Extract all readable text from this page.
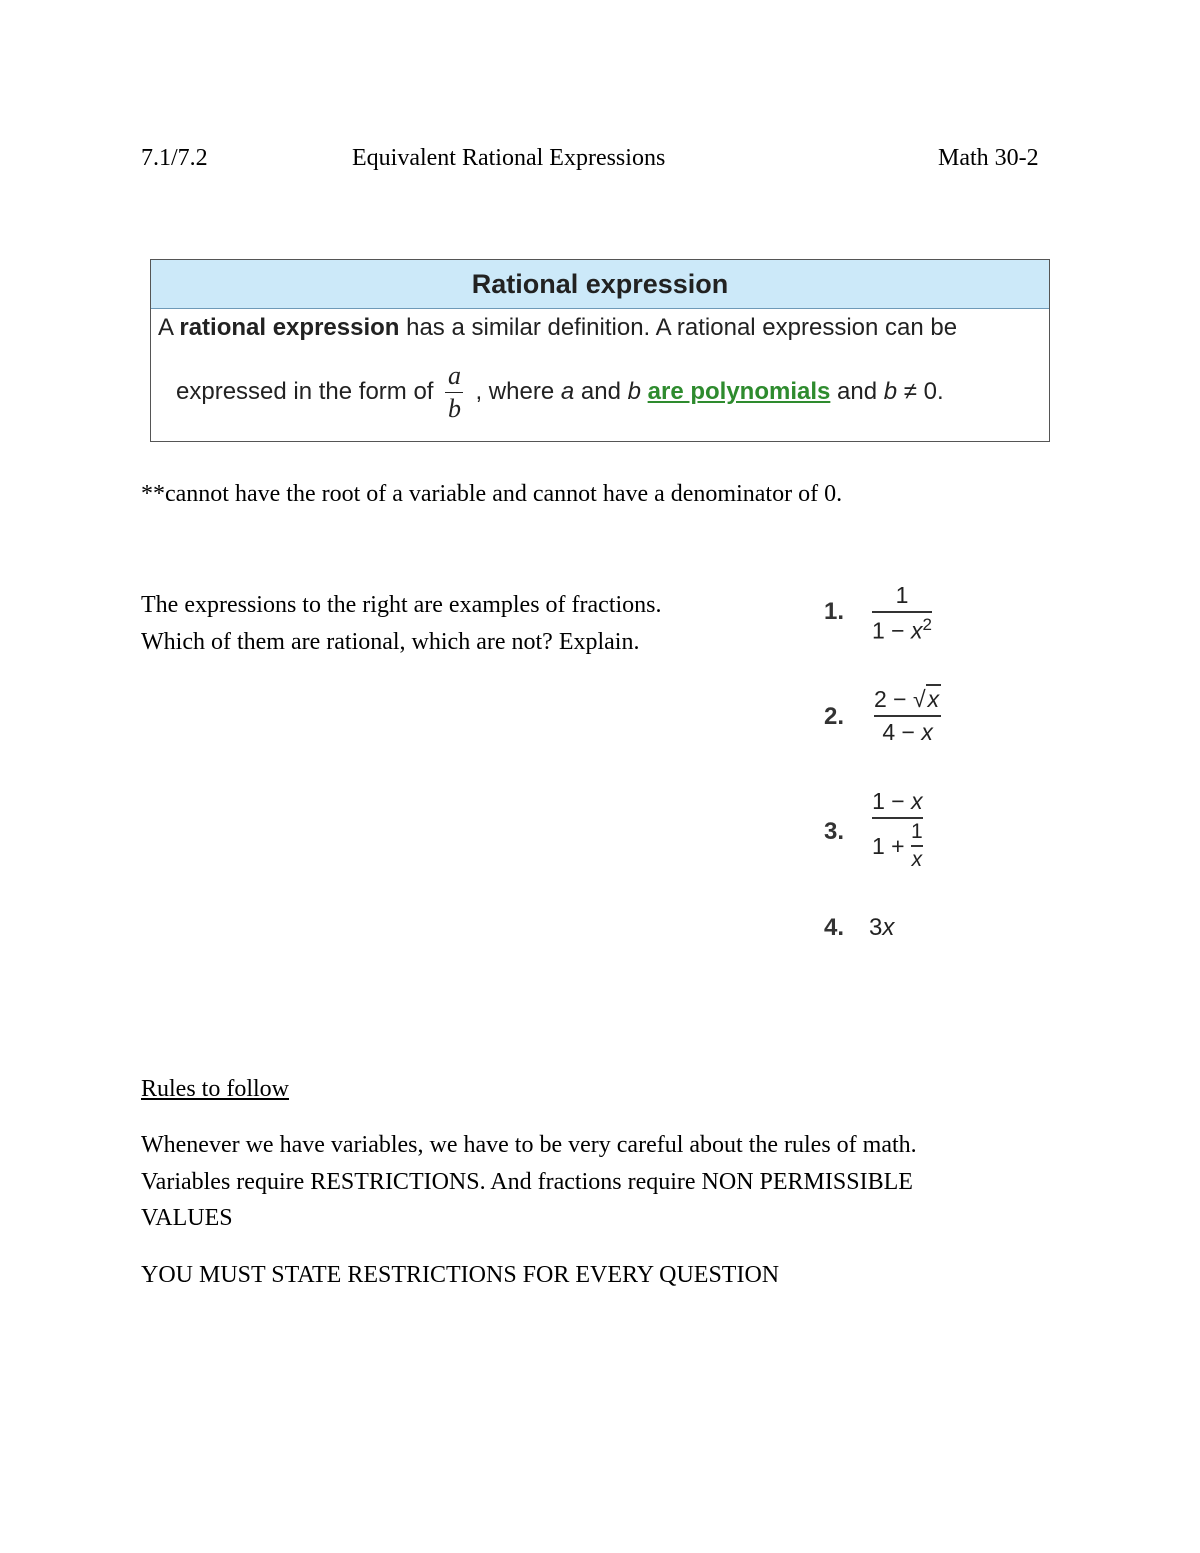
7.1/7.2	Equivalent Rational Expressions	Math 30-2
Rational expression
A rational expression has a similar definition. A rational expression can be
expressed in the form of $\frac{a}{b}$ , where a and b
are polynomials and b ≠ 0.
**cannot have the root of a variable and cannot have a denominator of 0.
The expressions to the right are examples of fractions.
Which of them are rational, which are not? Explain.
1. $\frac{1}{1 - x^2}$
2. $\frac{2 - √ x}{4 - x}$
3. 1 − x
1 +
1
x
4. 3x
Rules to follow
Whenever we have variables, we have to be very careful about the rules of math.
Variables require RESTRICTIONS. And fractions require NON PERMISSIBLE
VALUES
YOU MUST STATE RESTRICTIONS FOR EVERY QUESTION
